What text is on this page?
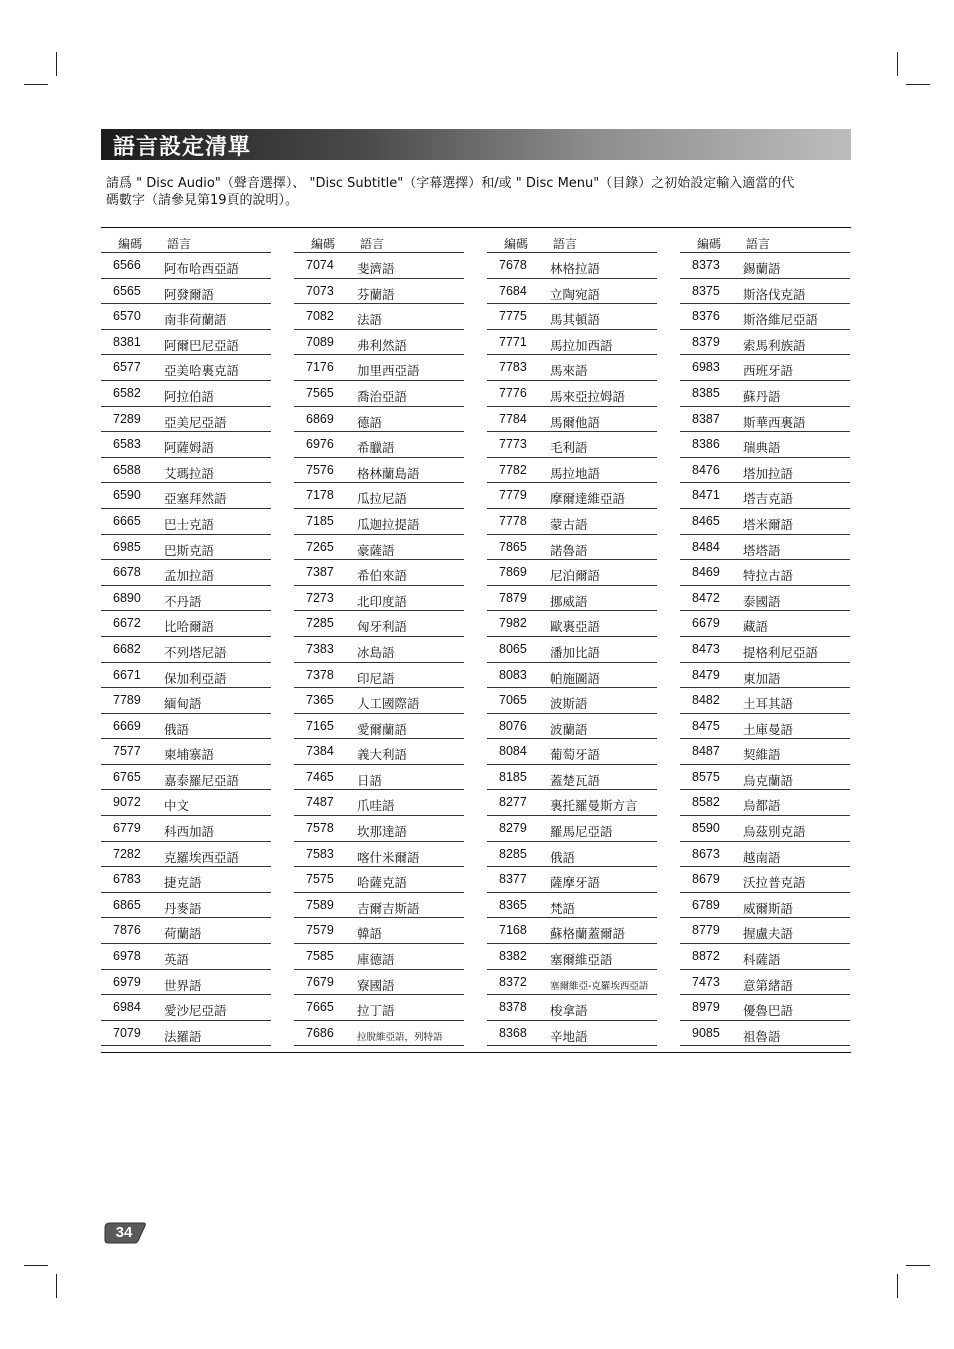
語言設定清單
請爲 " Disc Audio"（聲音選擇）、 "Disc Subtitle"（字幕選擇）和/或 " Disc Menu"（目錄）之初始設定輸入適當的代
碼數字（請參見第19頁的說明）。
編碼 語言
6566 阿布哈西亞語
6565 阿發爾語
6570 南非荷蘭語
8381 阿爾巴尼亞語
6577 亞美哈裏克語
6582 阿拉伯語
7289 亞美尼亞語
6583 阿薩姆語
6588 艾瑪拉語
6590 亞塞拜然語
6665 巴士克語
6985 巴斯克語
6678 孟加拉語
6890 不丹語
6672 比哈爾語
6682 不列塔尼語
6671 保加利亞語
7789 緬甸語
6669 俄語
7577 柬埔寨語
6765 嘉泰羅尼亞語
9072 中文
6779 科西加語
7282 克羅埃西亞語
6783 捷克語
6865 丹麥語
7876 荷蘭語
6978 英語
6979 世界語
6984 愛沙尼亞語
7079 法羅語
編碼 語言
7074 斐濟語
7073 芬蘭語
7082 法語
7089 弗利然語
7176 加里西亞語
7565 喬治亞語
6869 德語
6976 希臘語
7576 格林蘭島語
7178 瓜拉尼語
7185 瓜迦拉提語
7265 豪薩語
7387 希伯來語
7273 北印度語
7285 匈牙利語
7383 冰島語
7378 印尼語
7365 人工國際語
7165 愛爾蘭語
7384 義大利語
7465 日語
7487 爪哇語
7578 坎那達語
7583 喀什米爾語
7575 哈薩克語
7589 吉爾吉斯語
7579 韓語
7585 庫德語
7679 寮國語
7665 拉丁語
7686 拉脫維亞語，列特語
編碼 語言
7678 林格拉語
7684 立陶宛語
7775 馬其頓語
7771 馬拉加西語
7783 馬來語
7776 馬來亞拉姆語
7784 馬爾他語
7773 毛利語
7782 馬拉地語
7779 摩爾達維亞語
7778 蒙古語
7865 諾魯語
7869 尼泊爾語
7879 挪威語
7982 歐裏亞語
8065 潘加比語
8083 帕施圖語
7065 波斯語
8076 波蘭語
8084 葡萄牙語
8185 蓋楚瓦語
8277 裏托羅曼斯方言
8279 羅馬尼亞語
8285 俄語
8377 薩摩牙語
8365 梵語
7168 蘇格蘭蓋爾語
8382 塞爾維亞語
8372 塞爾維亞-克羅埃西亞語
8378 梭拿語
8368 辛地語
編碼 語言
8373 錫蘭語
8375 斯洛伐克語
8376 斯洛維尼亞語
8379 索馬利族語
6983 西班牙語
8385 蘇丹語
8387 斯華西裏語
8386 瑞典語
8476 塔加拉語
8471 塔吉克語
8465 塔米爾語
8484 塔塔語
8469 特拉古語
8472 泰國語
6679 藏語
8473 提格利尼亞語
8479 東加語
8482 土耳其語
8475 土庫曼語
8487 契維語
8575 烏克蘭語
8582 烏都語
8590 烏茲別克語
8673 越南語
8679 沃拉普克語
6789 威爾斯語
8779 握盧夫語
8872 科薩語
7473 意第緒語
8979 優魯巴語
9085 祖魯語
34
